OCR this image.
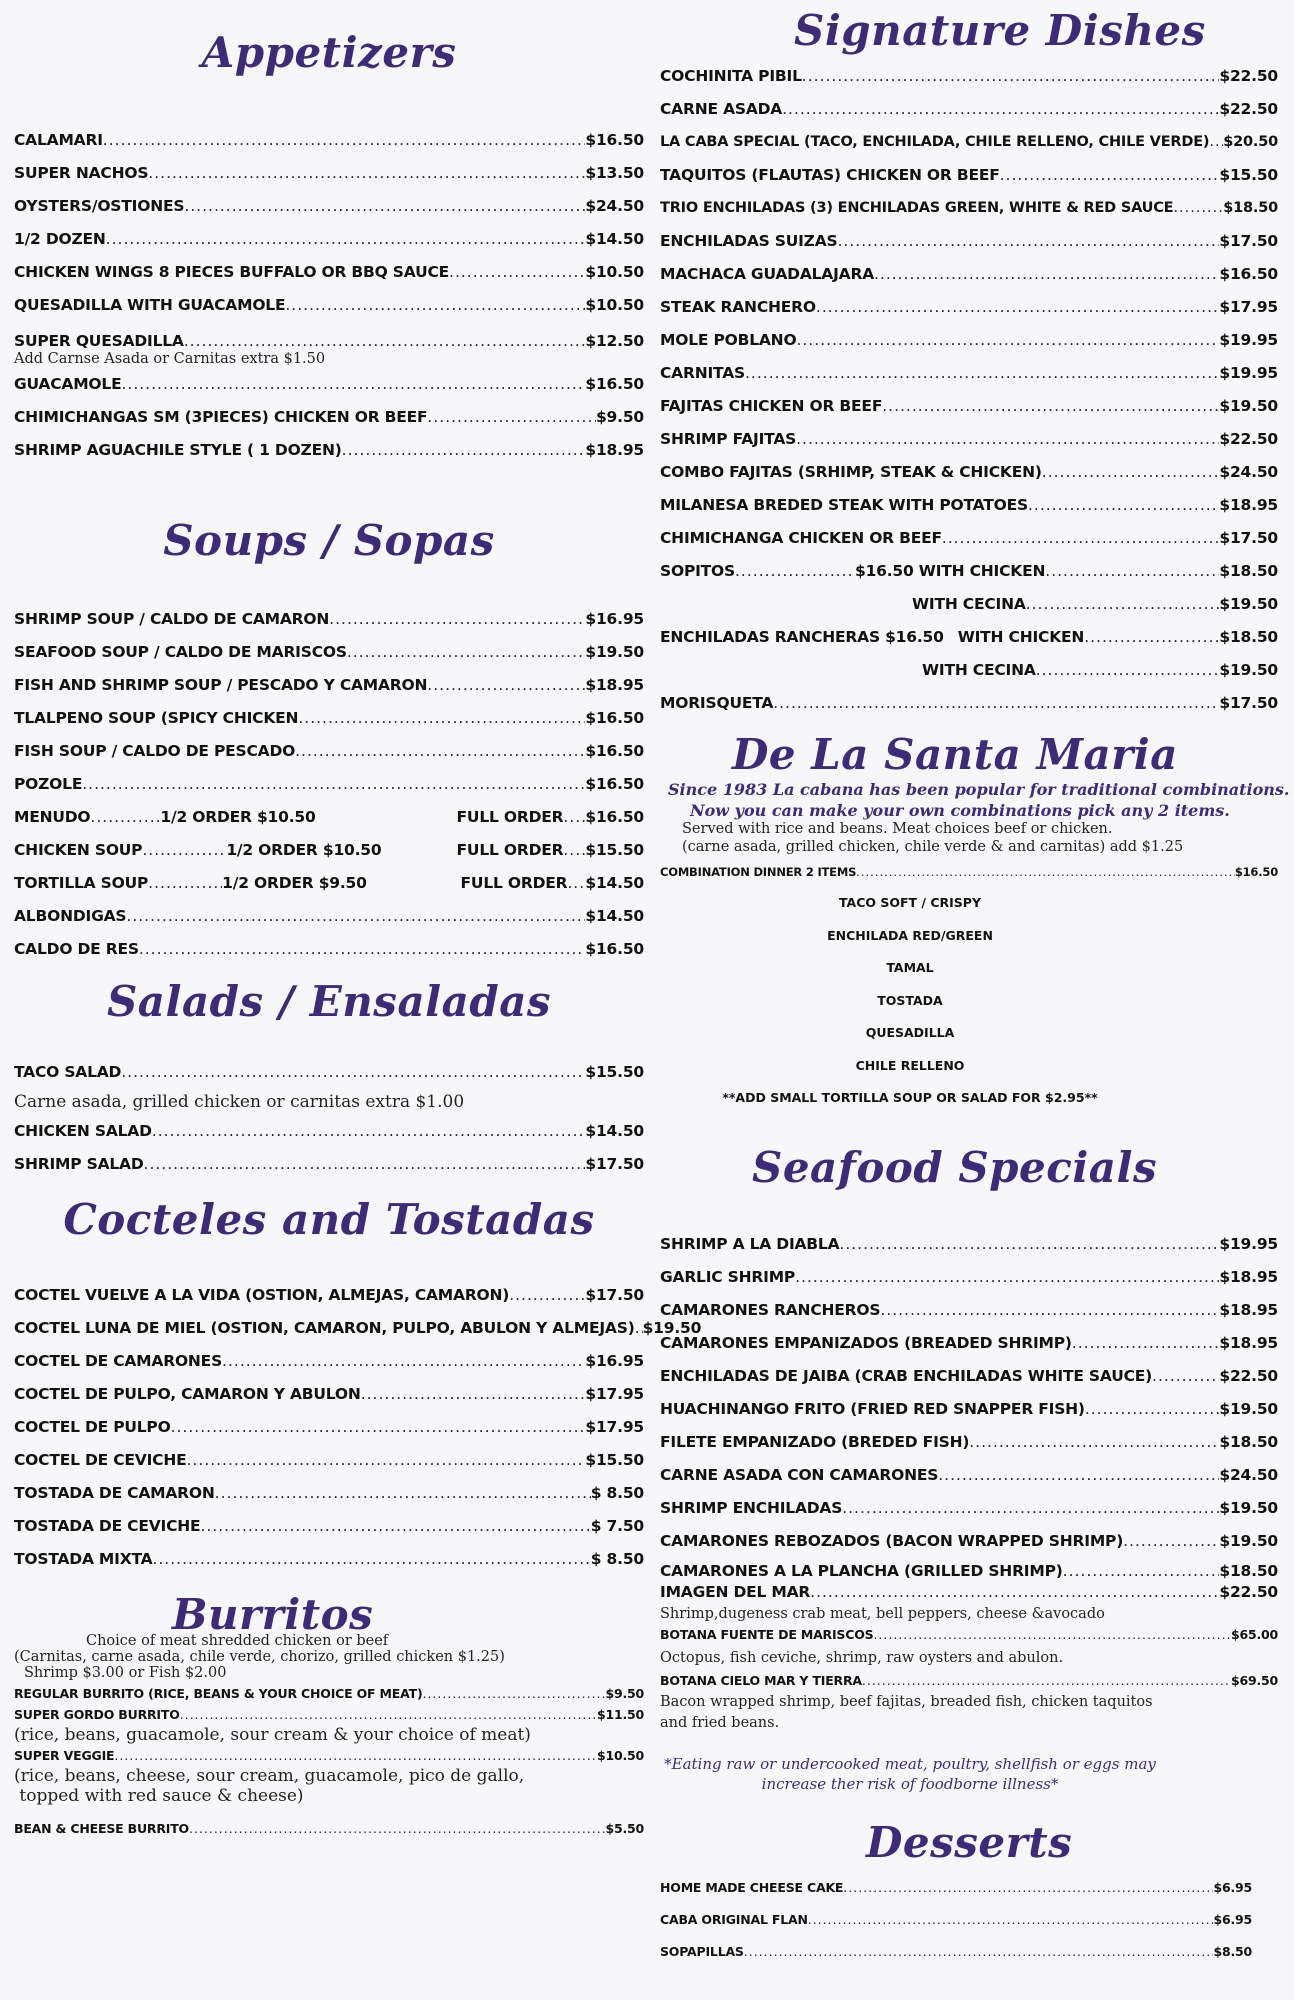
Appetizers
CALAMARI .....	$16.50
SUPER NACHOS .....	$13.50
OYSTERS/OSTIONES .....	$24.50
1/2 DOZEN .....	$14.50
CHICKEN WINGS 8 PIECES BUFFALO OR BBQ SAUCE .....	$10.50
QUESADILLA WITH GUACAMOLE .....	$10.50
SUPER QUESADILLA .....	$12.50
Add Carnse Asada or Carnitas extra $1.50
GUACAMOLE .....	$16.50
CHIMICHANGAS SM (3PIECES) CHICKEN OR BEEF .....	$9.50
SHRIMP AGUACHILE STYLE ( 1 DOZEN) .....	$18.95
Soups / Sopas
SHRIMP SOUP / CALDO DE CAMARON .....	$16.95
SEAFOOD SOUP / CALDO DE MARISCOS .....	$19.50
FISH AND SHRIMP SOUP / PESCADO Y CAMARON .....	$18.95
TLALPENO SOUP (SPICY CHICKEN .....	$16.50
FISH SOUP / CALDO DE PESCADO .....	$16.50
POZOLE .....	$16.50
MENUDO .....	1/2 ORDER $10.50	FULL ORDER ..... $16.50
CHICKEN SOUP .....	1/2 ORDER $10.50	FULL ORDER ..... $15.50
TORTILLA SOUP .....	1/2 ORDER $9.50	FULL ORDER ..... $14.50
ALBONDIGAS .....	$14.50
CALDO DE RES .....	$16.50
Salads / Ensaladas
TACO SALAD .....	$15.50
Carne asada, grilled chicken or carnitas extra $1.00
CHICKEN SALAD .....	$14.50
SHRIMP SALAD .....	$17.50
Cocteles and Tostadas
COCTEL VUELVE A LA VIDA (OSTION, ALMEJAS, CAMARON) .....	$17.50
COCTEL LUNA DE MIEL (OSTION, CAMARON, PULPO, ABULON Y ALMEJAS) ..... $19.50
COCTEL DE CAMARONES .....	$16.95
COCTEL DE PULPO, CAMARON Y ABULON .....	$17.95
COCTEL DE PULPO .....	$17.95
COCTEL DE CEVICHE .....	$15.50
TOSTADA DE CAMARON .....	$ 8.50
TOSTADA DE CEVICHE .....	$ 7.50
TOSTADA MIXTA .....	$ 8.50
Burritos
Choice of meat shredded chicken or beef
(Carnitas, carne asada, chile verde, chorizo, grilled chicken $1.25)
Shrimp $3.00 or Fish $2.00
REGULAR BURRITO (RICE, BEANS & YOUR CHOICE OF MEAT) .....	$9.50
SUPER GORDO BURRITO .....	$11.50
(rice, beans, guacamole, sour cream & your choice of meat)
SUPER VEGGIE .....	$10.50
(rice, beans, cheese, sour cream, guacamole, pico de gallo,
topped with red sauce & cheese)
BEAN & CHEESE BURRITO .....	$5.50
Signature Dishes
COCHINITA PIBIL .....	$22.50
CARNE ASADA .....	$22.50
LA CABA SPECIAL (TACO, ENCHILADA, CHILE RELLENO, CHILE VERDE) ..... $20.50
TAQUITOS (FLAUTAS) CHICKEN OR BEEF .....	$15.50
TRIO ENCHILADAS (3) ENCHILADAS GREEN, WHITE & RED SAUCE .....	$18.50
ENCHILADAS SUIZAS .....	$17.50
MACHACA GUADALAJARA .....	$16.50
STEAK RANCHERO .....	$17.95
MOLE POBLANO .....	$19.95
CARNITAS .....	$19.95
FAJITAS CHICKEN OR BEEF .....	$19.50
SHRIMP FAJITAS .....	$22.50
COMBO FAJITAS (SRHIMP, STEAK & CHICKEN) .....	$24.50
MILANESA BREDED STEAK WITH POTATOES .....	$18.95
CHIMICHANGA CHICKEN OR BEEF .....	$17.50
SOPITOS .....	$16.50 WITH CHICKEN .....	$18.50
WITH CECINA .....	$19.50
ENCHILADAS RANCHERAS $16.50 WITH CHICKEN .....	$18.50
WITH CECINA .....	$19.50
MORISQUETA .....	$17.50
De La Santa Maria
Since 1983 La cabana has been popular for traditional combinations.
Now you can make your own combinations pick any 2 items.
Served with rice and beans. Meat choices beef or chicken.
(carne asada, grilled chicken, chile verde & and carnitas) add $1.25
COMBINATION DINNER 2 ITEMS .....	$16.50
TACO SOFT / CRISPY
ENCHILADA RED/GREEN
TAMAL
TOSTADA
QUESADILLA
CHILE RELLENO
**ADD SMALL TORTILLA SOUP OR SALAD FOR $2.95**
Seafood Specials
SHRIMP A LA DIABLA .....	$19.95
GARLIC SHRIMP .....	$18.95
CAMARONES RANCHEROS .....	$18.95
CAMARONES EMPANIZADOS (BREADED SHRIMP) .....	$18.95
ENCHILADAS DE JAIBA (CRAB ENCHILADAS WHITE SAUCE) .....	$22.50
HUACHINANGO FRITO (FRIED RED SNAPPER FISH) .....	$19.50
FILETE EMPANIZADO (BREDED FISH) .....	$18.50
CARNE ASADA CON CAMARONES .....	$24.50
SHRIMP ENCHILADAS .....	$19.50
CAMARONES REBOZADOS (BACON WRAPPED SHRIMP) .....	$19.50
CAMARONES A LA PLANCHA (GRILLED SHRIMP) .....	$18.50
IMAGEN DEL MAR .....	$22.50
Shrimp,dugeness crab meat, bell peppers, cheese &avocado
BOTANA FUENTE DE MARISCOS .....	$65.00
Octopus, fish ceviche, shrimp, raw oysters and abulon.
BOTANA CIELO MAR Y TIERRA .....	$69.50
Bacon wrapped shrimp, beef fajitas, breaded fish, chicken taquitos
and fried beans.
*Eating raw or undercooked meat, poultry, shellfish or eggs may
increase ther risk of foodborne illness*
Desserts
HOME MADE CHEESE CAKE .....	$6.95
CABA ORIGINAL FLAN .....	$6.95
SOPAPILLAS .....	$8.50
